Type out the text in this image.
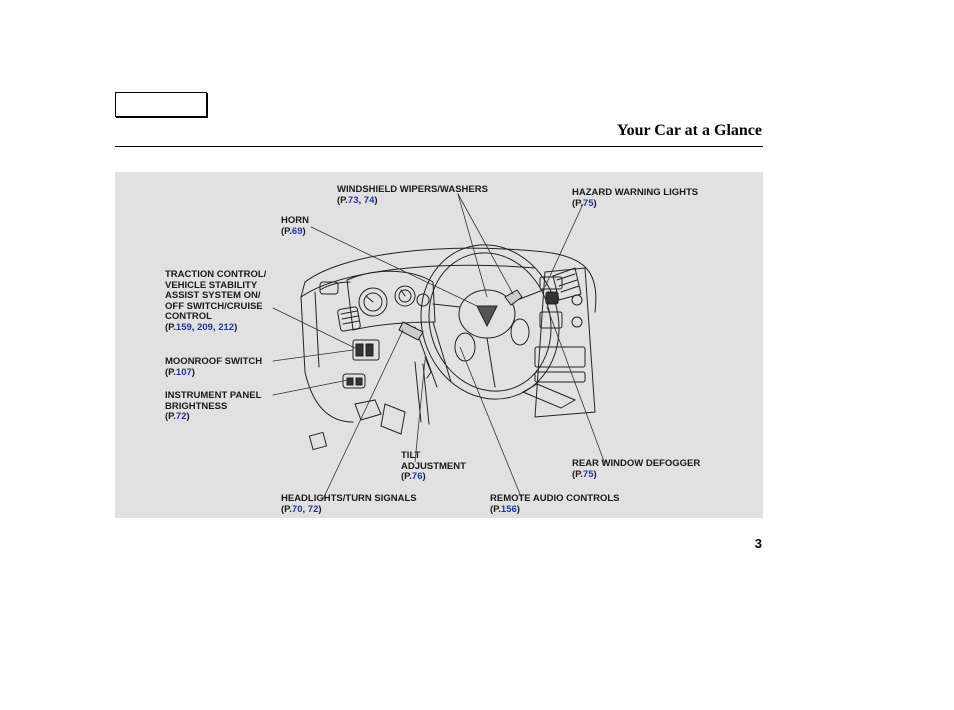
Your Car at a Glance
WINDSHIELD WIPERS/WASHERS
(P.73, 74)
HAZARD WARNING LIGHTS
(P.75)
HORN
(P.69)
TRACTION CONTROL/
VEHICLE STABILITY
ASSIST SYSTEM ON/
OFF SWITCH/CRUISE
CONTROL
(P.159, 209, 212)
MOONROOF SWITCH
(P.107)
INSTRUMENT PANEL
BRIGHTNESS
(P.72)
TILT
ADJUSTMENT
(P.76)
REAR WINDOW DEFOGGER
(P.75)
HEADLIGHTS/TURN SIGNALS
(P.70, 72)
REMOTE AUDIO CONTROLS
(P.156)
3
